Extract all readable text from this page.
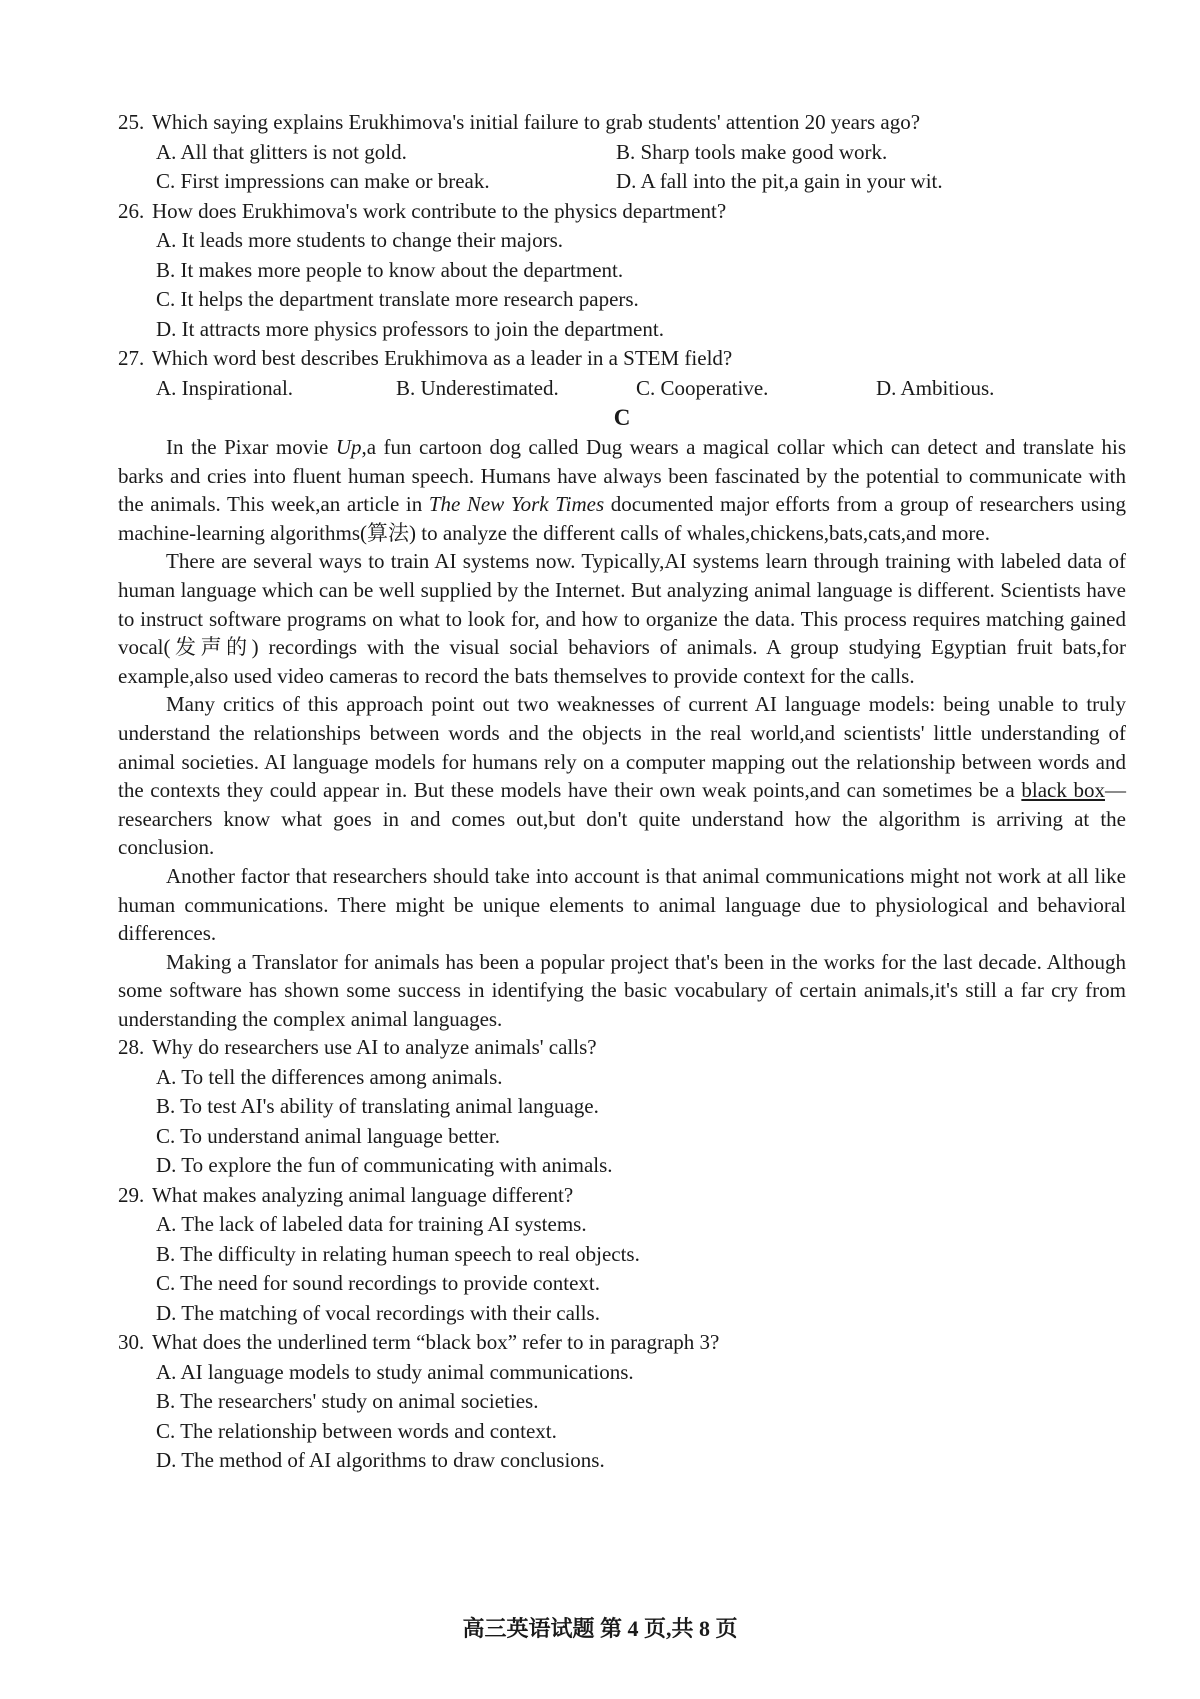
25. Which saying explains Erukhimova's initial failure to grab students' attention 20 years ago?

A. All that glitters is not gold.	B. Sharp tools make good work.
C. First impressions can make or break.	D. A fall into the pit,a gain in your wit.

26. How does Erukhimova's work contribute to the physics department?

A. It leads more students to change their majors.
B. It makes more people to know about the department.
C. It helps the department translate more research papers.
D. It attracts more physics professors to join the department.

27. Which word best describes Erukhimova as a leader in a STEM field?

A. Inspirational.	B. Underestimated.	C. Cooperative.	D. Ambitious.

C

In the Pixar movie Up,a fun cartoon dog called Dug wears a magical collar which can detect and translate his barks and cries into fluent human speech. Humans have always been fascinated by the potential to communicate with the animals. This week,an article in The New York Times documented major efforts from a group of researchers using machine-learning algorithms(算法) to analyze the different calls of whales,chickens,bats,cats,and more.

There are several ways to train AI systems now. Typically,AI systems learn through training with labeled data of human language which can be well supplied by the Internet. But analyzing animal language is different. Scientists have to instruct software programs on what to look for, and how to organize the data. This process requires matching gained vocal(发声的) recordings with the visual social behaviors of animals. A group studying Egyptian fruit bats,for example,also used video cameras to record the bats themselves to provide context for the calls.

Many critics of this approach point out two weaknesses of current AI language models: being unable to truly understand the relationships between words and the objects in the real world,and scientists' little understanding of animal societies. AI language models for humans rely on a computer mapping out the relationship between words and the contexts they could appear in. But these models have their own weak points,and can sometimes be a black box—researchers know what goes in and comes out,but don't quite understand how the algorithm is arriving at the conclusion.

Another factor that researchers should take into account is that animal communications might not work at all like human communications. There might be unique elements to animal language due to physiological and behavioral differences.

Making a Translator for animals has been a popular project that's been in the works for the last decade. Although some software has shown some success in identifying the basic vocabulary of certain animals,it's still a far cry from understanding the complex animal languages.

28. Why do researchers use AI to analyze animals' calls?

A. To tell the differences among animals.
B. To test AI's ability of translating animal language.
C. To understand animal language better.
D. To explore the fun of communicating with animals.

29. What makes analyzing animal language different?

A. The lack of labeled data for training AI systems.
B. The difficulty in relating human speech to real objects.
C. The need for sound recordings to provide context.
D. The matching of vocal recordings with their calls.

30. What does the underlined term “black box” refer to in paragraph 3?

A. AI language models to study animal communications.
B. The researchers' study on animal societies.
C. The relationship between words and context.
D. The method of AI algorithms to draw conclusions.
高三英语试题 第 4 页,共 8 页
